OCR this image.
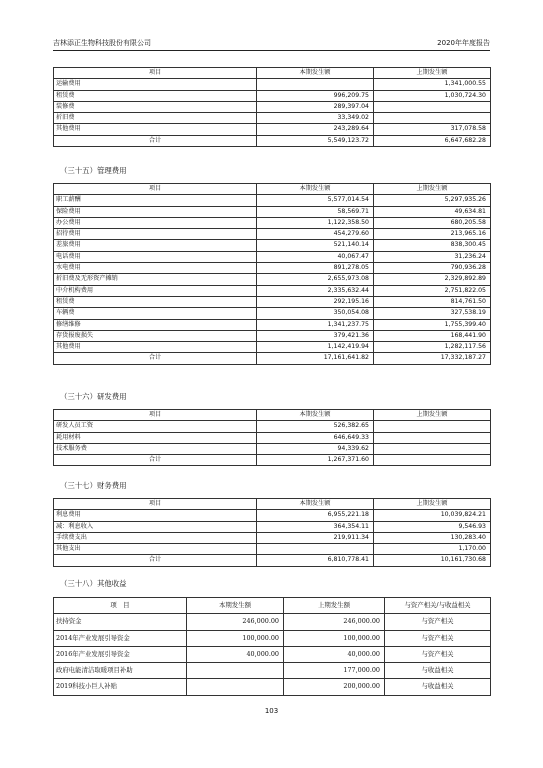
吉林添正生物科技股份有限公司	2020年年度报告
项目	本期发生额	上期发生额
运输费用		1,341,000.55
租赁费	996,209.75	1,030,724.30
装修费	289,397.04	
折旧费	33,349.02	
其他费用	243,289.64	317,078.58
合计	5,549,123.72	6,647,682.28
（三十五）管理费用
项目	本期发生额	上期发生额
职工薪酬	5,577,014.54	5,297,935.26
保险费用	58,569.71	49,634.81
办公费用	1,122,358.50	680,205.58
招待费用	454,279.60	213,965.16
差旅费用	521,140.14	838,300.45
电话费用	40,067.47	31,236.24
水电费用	891,278.05	790,936.28
折旧费及无形资产摊销	2,655,973.08	2,329,892.89
中介机构费用	2,335,632.44	2,751,822.05
租赁费	292,195.16	814,761.50
车辆费	350,054.08	327,538.19
修缮维修	1,341,237.75	1,755,399.40
存货报废损失	379,421.36	168,441.90
其他费用	1,142,419.94	1,282,117.56
合计	17,161,641.82	17,332,187.27
（三十六）研发费用
项目	本期发生额	上期发生额
研发人员工资	526,382.65	
耗用材料	646,649.33	
技术服务费	94,339.62	
合计	1,267,371.60	
（三十七）财务费用
项目	本期发生额	上期发生额
利息费用	6,955,221.18	10,039,824.21
减：利息收入	364,354.11	9,546.93
手续费支出	219,911.34	130,283.40
其他支出		1,170.00
合计	6,810,778.41	10,161,730.68
（三十八）其他收益
项　目	本期发生额	上期发生额	与资产相关/与收益相关
扶持资金	246,000.00	246,000.00	与资产相关
2014年产业发展引导资金	100,000.00	100,000.00	与资产相关
2016年产业发展引导资金	40,000.00	40,000.00	与资产相关
政府电能清洁取暖项目补助		177,000.00	与收益相关
2019科技小巨人补贴		200,000.00	与收益相关
103
